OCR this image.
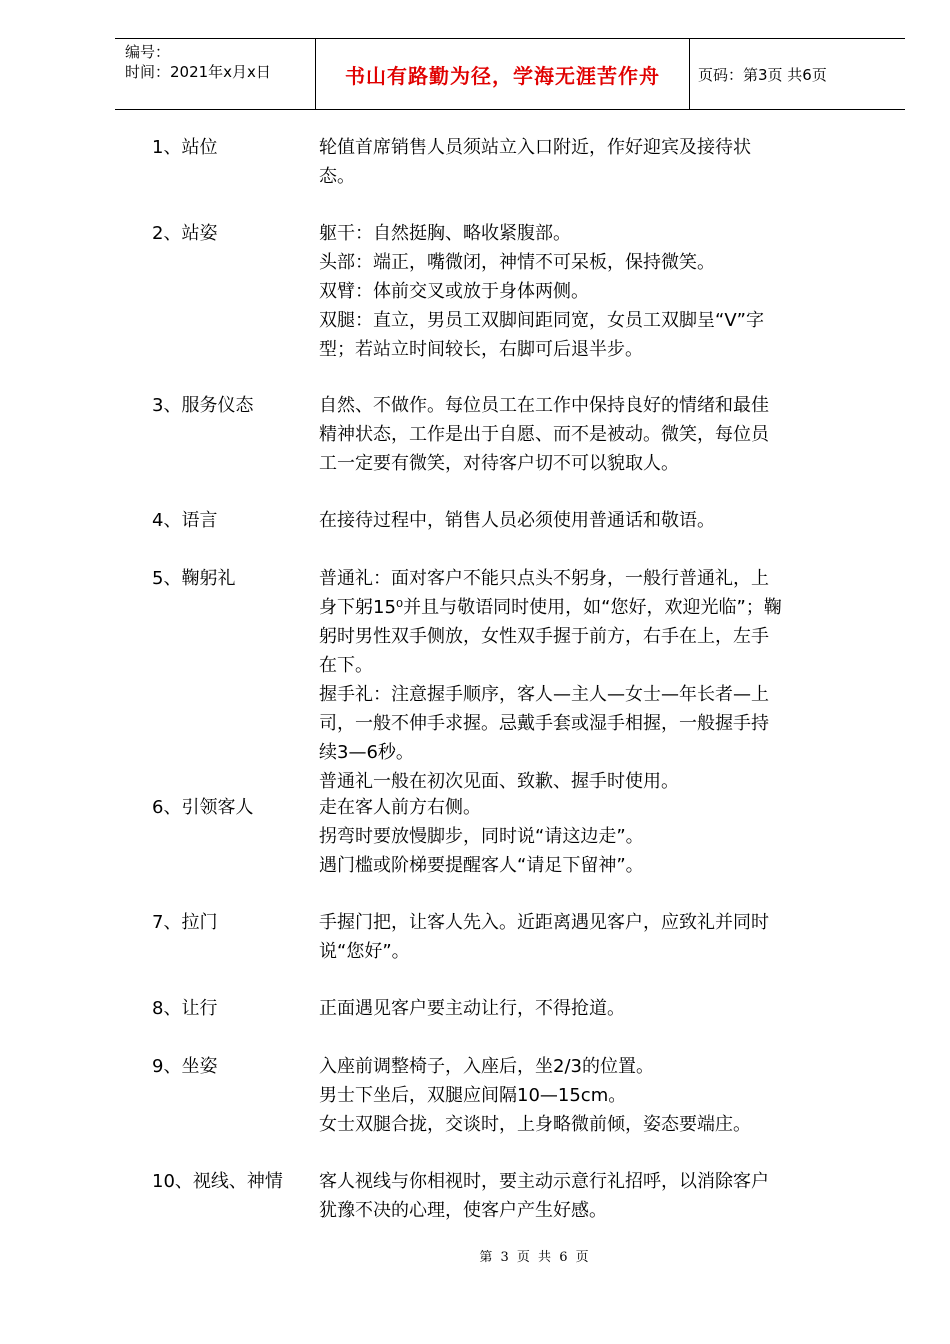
编号：
时间：2021年x月x日	书山有路勤为径，学海无涯苦作舟	页码：第3页 共6页
1、站位	轮值首席销售人员须站立入口附近，作好迎宾及接待状
态。
2、站姿	躯干：自然挺胸、略收紧腹部。
头部：端正，嘴微闭，神情不可呆板，保持微笑。
双臂：体前交叉或放于身体两侧。
双腿：直立，男员工双脚间距同宽，女员工双脚呈“V”字
型；若站立时间较长，右脚可后退半步。
3、服务仪态	自然、不做作。每位员工在工作中保持良好的情绪和最佳
精神状态，工作是出于自愿、而不是被动。微笑，每位员
工一定要有微笑，对待客户切不可以貌取人。
4、语言	在接待过程中，销售人员必须使用普通话和敬语。
5、鞠躬礼	普通礼：面对客户不能只点头不躬身，一般行普通礼，上
身下躬15⁰并且与敬语同时使用，如“您好，欢迎光临”；鞠
躬时男性双手侧放，女性双手握于前方，右手在上，左手
在下。
握手礼：注意握手顺序，客人—主人—女士—年长者—上
司，一般不伸手求握。忌戴手套或湿手相握，一般握手持
续3—6秒。
普通礼一般在初次见面、致歉、握手时使用。
6、引领客人	走在客人前方右侧。
拐弯时要放慢脚步，同时说“请这边走”。
遇门槛或阶梯要提醒客人“请足下留神”。
7、拉门	手握门把，让客人先入。近距离遇见客户，应致礼并同时
说“您好”。
8、让行	正面遇见客户要主动让行，不得抢道。
9、坐姿	入座前调整椅子，入座后，坐2/3的位置。
男士下坐后，双腿应间隔10—15cm。
女士双腿合拢，交谈时，上身略微前倾，姿态要端庄。
10、视线、神情 客人视线与你相视时，要主动示意行礼招呼，以消除客户
犹豫不决的心理，使客户产生好感。
第 3 页 共 6 页
